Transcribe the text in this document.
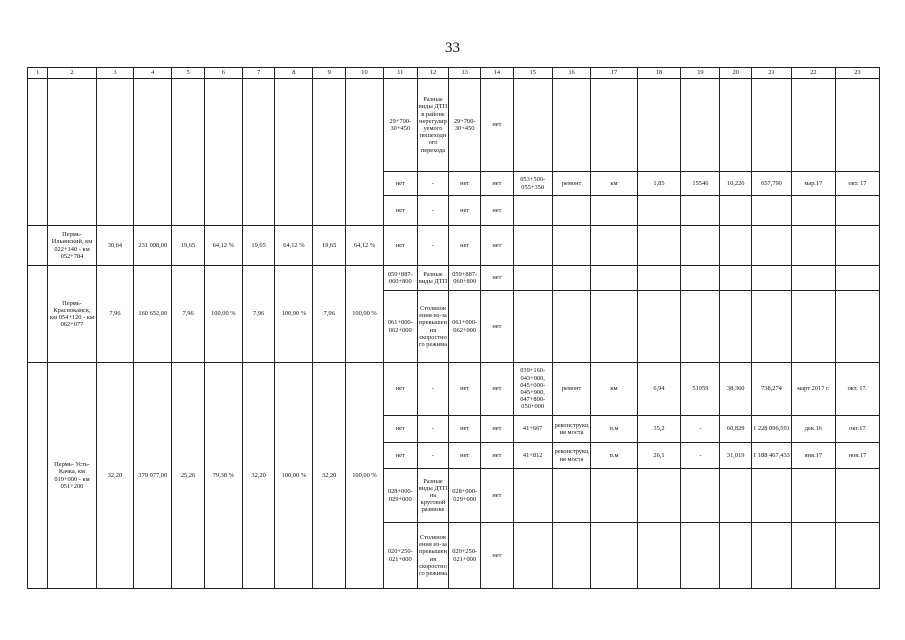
33
1	2	3	4	5	6	7	8	9	10	11	12	13	14	15	16	17	18	19	20	21	22	23
										29+700-30+450	Разные виды ДТП в районе нерегулируемого пешеходного перехода	29+700-30+450	нет									
										нет	-	нет	нет	053+500-055+350	ремонт	км	1,85	15546	10,226	657,790	мар.17	окт. 17
										нет	-	нет	нет									
	Пермь-Ильинский, км 022+140 - км 052+784	30,64	231 098,00	19,65	64,12 %	19,65	64,12 %	19,65	64,12 %	нет	-	нет	нет									
	Пермь-Краснокамск, км 054+120 - км 062+077	7,96	160 652,00	7,96	100,00 %	7,96	100,00 %	7,96	100,00 %	059+887-060+800	Разные виды ДТП	059+887-060+800	нет									
										061+000-062+000	Столкновения из-за превышения скоростного режима	061+000-062+000	нет									
	Пермь- Усть-Качка, км 019+000 - км 051+200	32,20	379 077,00	25,26	79,38 %	32,20	100,00 %	32,20	100,00 %	нет	-	нет	нет	039+160-043+000, 045+000-045+900, 047+800-050+000	ремонт	км	6,94	51959	38,360	738,274	март 2017 г.	окт. 17.
										нет	-	нет	нет	41+667	реконструкция моста	п.м	35,2	-	60,829	1 228 096,591	дек.16	окт.17
										нет	-	нет	нет	41+812	реконструкция моста	п.м	26,1	-	31,019	1 188 467,433	янв.17	ноя.17
										028+000-029+000	Разные виды ДТП на круговой развязке	028+000-029+000	нет									
										020+250-021+000	Столкновения из-за превышения скоростного режима	020+250-021+000	нет									
